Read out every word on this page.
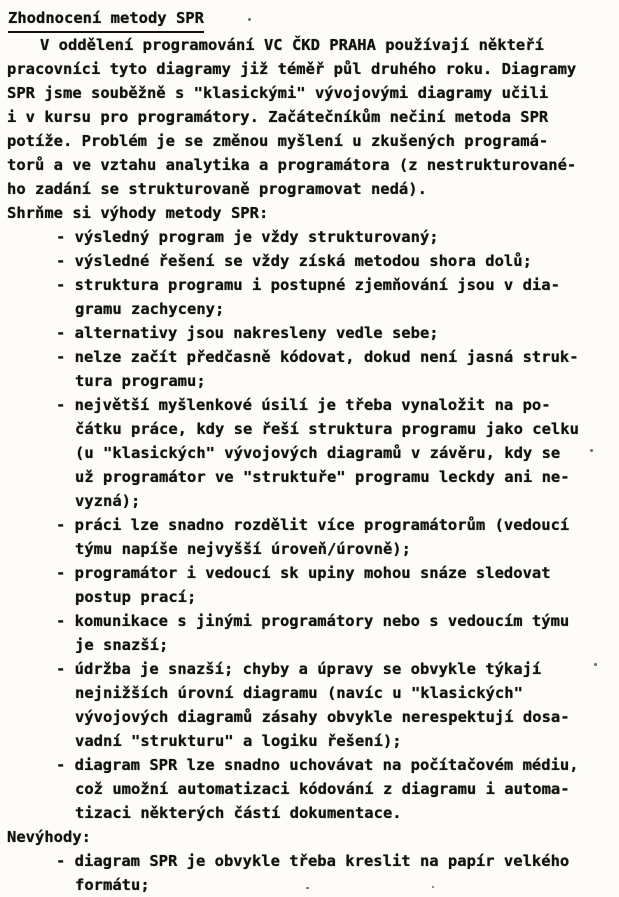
Zhodnocení metody SPR
V oddělení programování VC ČKD PRAHA používají někteří
pracovníci tyto diagramy již téměř půl druhého roku. Diagramy
SPR jsme souběžně s "klasickými" vývojovými diagramy učili
i v kursu pro programátory. Začátečníkům nečiní metoda SPR
potíže. Problém je se změnou myšlení u zkušených programá-
torů a ve vztahu analytika a programátora (z nestrukturované-
ho zadání se strukturovaně programovat nedá).
Shrňme si výhody metody SPR:
- výsledný program je vždy strukturovaný;
- výsledné řešení se vždy získá metodou shora dolů;
- struktura programu i postupné zjemňování jsou v dia-
gramu zachyceny;
- alternativy jsou nakresleny vedle sebe;
- nelze začít předčasně kódovat, dokud není jasná struk-
tura programu;
- největší myšlenkové úsilí je třeba vynaložit na po-
čátku práce, kdy se řeší struktura programu jako celku
(u "klasických" vývojových diagramů v závěru, kdy se
už programátor ve "struktuře" programu leckdy ani ne-
vyzná);
- práci lze snadno rozdělit více programátorům (vedoucí
týmu napíše nejvyšší úroveň/úrovně);
- programátor i vedoucí sk upiny mohou snáze sledovat
postup prací;
- komunikace s jinými programátory nebo s vedoucím týmu
je snazší;
- údržba je snazší; chyby a úpravy se obvykle týkají
nejnižších úrovní diagramu (navíc u "klasických"
vývojových diagramů zásahy obvykle nerespektují dosa-
vadní "strukturu" a logiku řešení);
- diagram SPR lze snadno uchovávat na počítačovém médiu,
což umožní automatizaci kódování z diagramu i automa-
tizaci některých částí dokumentace.
Nevýhody:
- diagram SPR je obvykle třeba kreslit na papír velkého
formátu;
